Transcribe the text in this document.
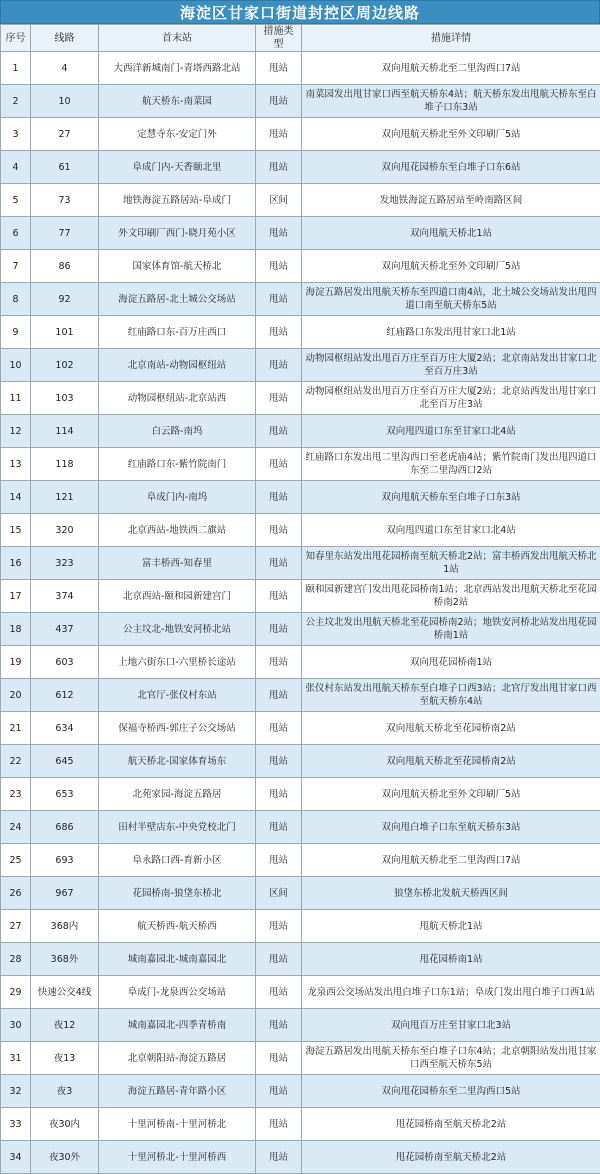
海淀区甘家口街道封控区周边线路
序号	线路	首末站	措施类型	措施详情
1	4	大西洋新城南门-青塔西路北站	甩站	双向甩航天桥北至二里沟西口7站
2	10	航天桥东-南菜园	甩站	南菜园发出甩甘家口西至航天桥东4站；航天桥东发出甩航天桥东至白堆子口东3站
3	27	定慧寺东-安定门外	甩站	双向甩航天桥北至外文印刷厂5站
4	61	阜成门内-天香颐北里	甩站	双向甩花园桥东至白堆子口东6站
5	73	地铁海淀五路居站-阜成门	区间	发地铁海淀五路居站至岭南路区间
6	77	外文印刷厂西门-晓月苑小区	甩站	双向甩航天桥北1站
7	86	国家体育馆-航天桥北	甩站	双向甩航天桥北至外文印刷厂5站
8	92	海淀五路居-北土城公交场站	甩站	海淀五路居发出甩航天桥东至四道口南4站，北土城公交场站发出甩四道口南至航天桥东5站
9	101	红庙路口东-百万庄西口	甩站	红庙路口东发出甩甘家口北1站
10	102	北京南站-动物园枢纽站	甩站	动物园枢纽站发出甩百万庄至百万庄大厦2站；北京南站发出甘家口北至百万庄3站
11	103	动物园枢纽站-北京站西	甩站	动物园枢纽站发出甩百万庄至百万庄大厦2站；北京站西发出甩甘家口北至百万庄3站
12	114	白云路-南坞	甩站	双向甩四道口东至甘家口北4站
13	118	红庙路口东-紫竹院南门	甩站	红庙路口东发出甩二里沟西口至老虎庙4站；紫竹院南门发出甩四道口东至二里沟西口2站
14	121	阜成门内-南坞	甩站	双向甩航天桥东至白堆子口东3站
15	320	北京西站-地铁西二旗站	甩站	双向甩四道口东至甘家口北4站
16	323	富丰桥西-知春里	甩站	知春里东站发出甩花园桥南至航天桥北2站；富丰桥西发出甩航天桥北1站
17	374	北京西站-颐和园新建宫门	甩站	颐和园新建宫门发出甩花园桥南1站；北京西站发出甩航天桥北至花园桥南2站
18	437	公主坟北-地铁安河桥北站	甩站	公主坟北发出甩航天桥北至花园桥南2站；地铁安河桥北站发出甩花园桥南1站
19	603	上地六街东口-六里桥长途站	甩站	双向甩花园桥南1站
20	612	北官厅-张仪村东站	甩站	张仪村东站发出甩航天桥东至白堆子口西3站；北官厅发出甩甘家口西至航天桥东4站
21	634	保福寺桥西-郭庄子公交场站	甩站	双向甩航天桥北至花园桥南2站
22	645	航天桥北-国家体育场东	甩站	双向甩航天桥北至花园桥南2站
23	653	北苑家园-海淀五路居	甩站	双向甩航天桥北至外文印刷厂5站
24	686	田村半壁店东-中央党校北门	甩站	双向甩白堆子口东至航天桥东3站
25	693	阜永路口西-育新小区	甩站	双向甩航天桥北至二里沟西口7站
26	967	花园桥南-狼垡东桥北	区间	狼垡东桥北发航天桥西区间
27	368内	航天桥西-航天桥西	甩站	甩航天桥北1站
28	368外	城南嘉园北-城南嘉园北	甩站	甩花园桥南1站
29	快速公交4线	阜成门-龙泉西公交场站	甩站	龙泉西公交场站发出甩白堆子口东1站；阜成门发出甩白堆子口西1站
30	夜12	城南嘉园北-四季青桥南	甩站	双向甩百万庄至甘家口北3站
31	夜13	北京朝阳站-海淀五路居	甩站	海淀五路居发出甩航天桥东至白堆子口东4站；北京朝阳站发出甩甘家口西至航天桥东5站
32	夜3	海淀五路居-青年路小区	甩站	双向甩花园桥东至二里沟西口5站
33	夜30内	十里河桥南-十里河桥北	甩站	甩花园桥南至航天桥北2站
34	夜30外	十里河桥北-十里河桥西	甩站	甩花园桥南至航天桥北2站
